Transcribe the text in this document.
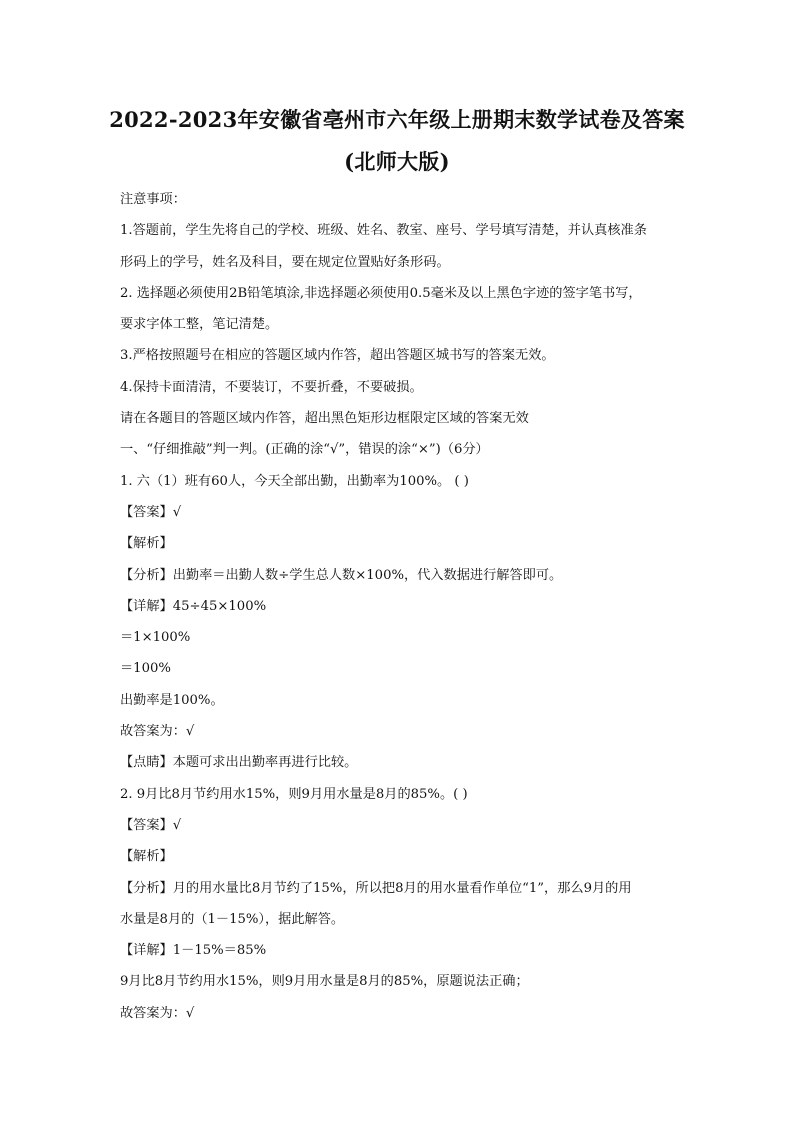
2022-2023年安徽省亳州市六年级上册期末数学试卷及答案
(北师大版)
注意事项：
1.答题前，学生先将自己的学校、班级、姓名、教室、座号、学号填写清楚，并认真核准条
形码上的学号，姓名及科目，要在规定位置贴好条形码。
2. 选择题必须使用2B铅笔填涂,非选择题必须使用0.5毫米及以上黑色字迹的签字笔书写，
要求字体工整，笔记清楚。
3.严格按照题号在相应的答题区域内作答，超出答题区城书写的答案无效。
4.保持卡面清清，不要装订，不要折叠，不要破损。
请在各题目的答题区域内作答，超出黑色矩形边框限定区域的答案无效
一、“仔细推敲”判一判。(正确的涂“√”，错误的涂“×”)（6分）
1. 六（1）班有60人，今天全部出勤，出勤率为100%。 ( )
【答案】√
【解析】
【分析】出勤率＝出勤人数÷学生总人数×100%，代入数据进行解答即可。
【详解】45÷45×100%
＝1×100%
＝100%
出勤率是100%。
故答案为：√
【点睛】本题可求出出勤率再进行比较。
2. 9月比8月节约用水15%，则9月用水量是8月的85%。( )
【答案】√
【解析】
【分析】月的用水量比8月节约了15%，所以把8月的用水量看作单位“1”，那么9月的用
水量是8月的（1－15%），据此解答。
【详解】1－15%＝85%
9月比8月节约用水15%，则9月用水量是8月的85%，原题说法正确；
故答案为：√
